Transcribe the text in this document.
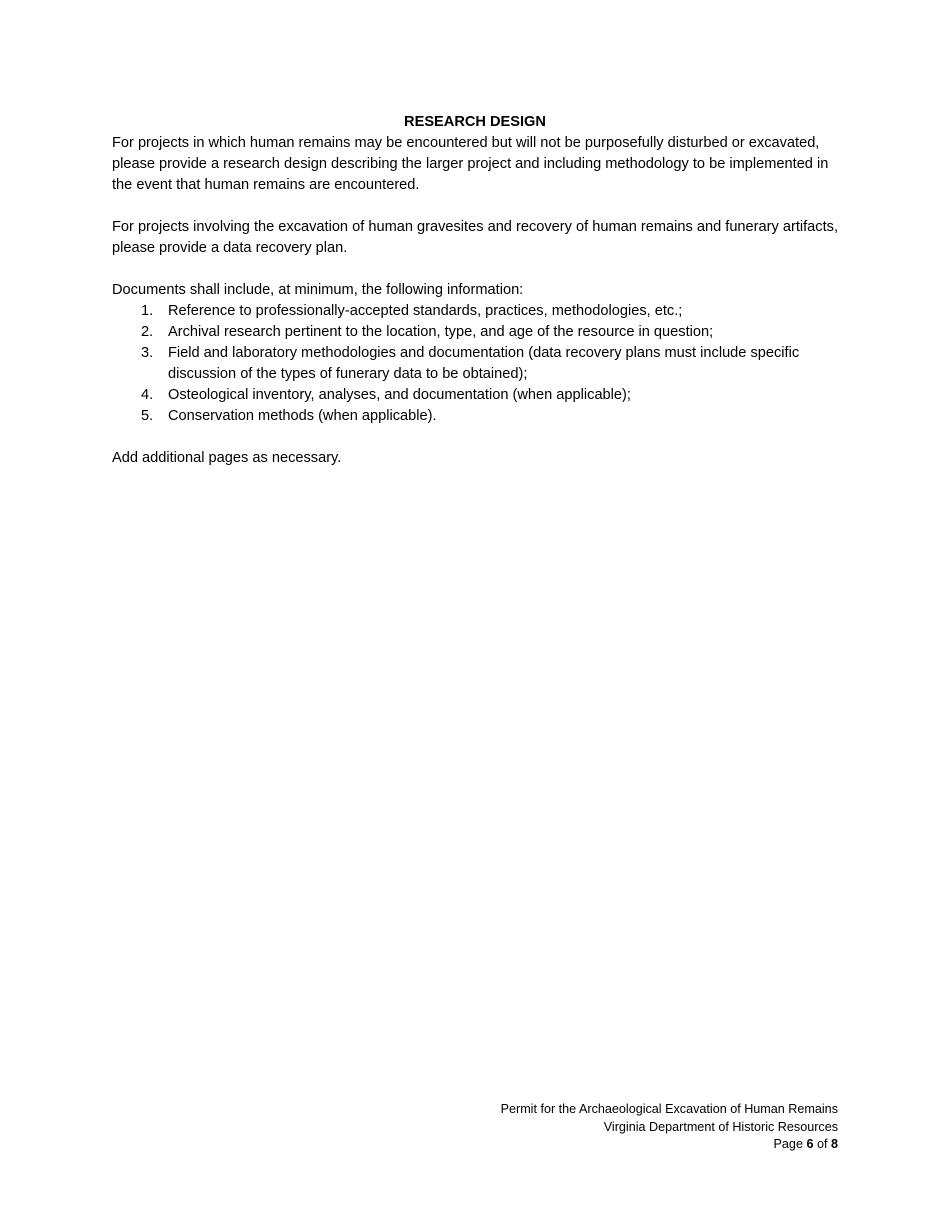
RESEARCH DESIGN

For projects in which human remains may be encountered but will not be purposefully disturbed or excavated, please provide a research design describing the larger project and including methodology to be implemented in the event that human remains are encountered.

For projects involving the excavation of human gravesites and recovery of human remains and funerary artifacts, please provide a data recovery plan.

Documents shall include, at minimum, the following information:

1. Reference to professionally-accepted standards, practices, methodologies, etc.;
2. Archival research pertinent to the location, type, and age of the resource in question;
3. Field and laboratory methodologies and documentation (data recovery plans must include specific discussion of the types of funerary data to be obtained);
4. Osteological inventory, analyses, and documentation (when applicable);
5. Conservation methods (when applicable).

Add additional pages as necessary.

Permit for the Archaeological Excavation of Human Remains
Virginia Department of Historic Resources
Page 6 of 8
